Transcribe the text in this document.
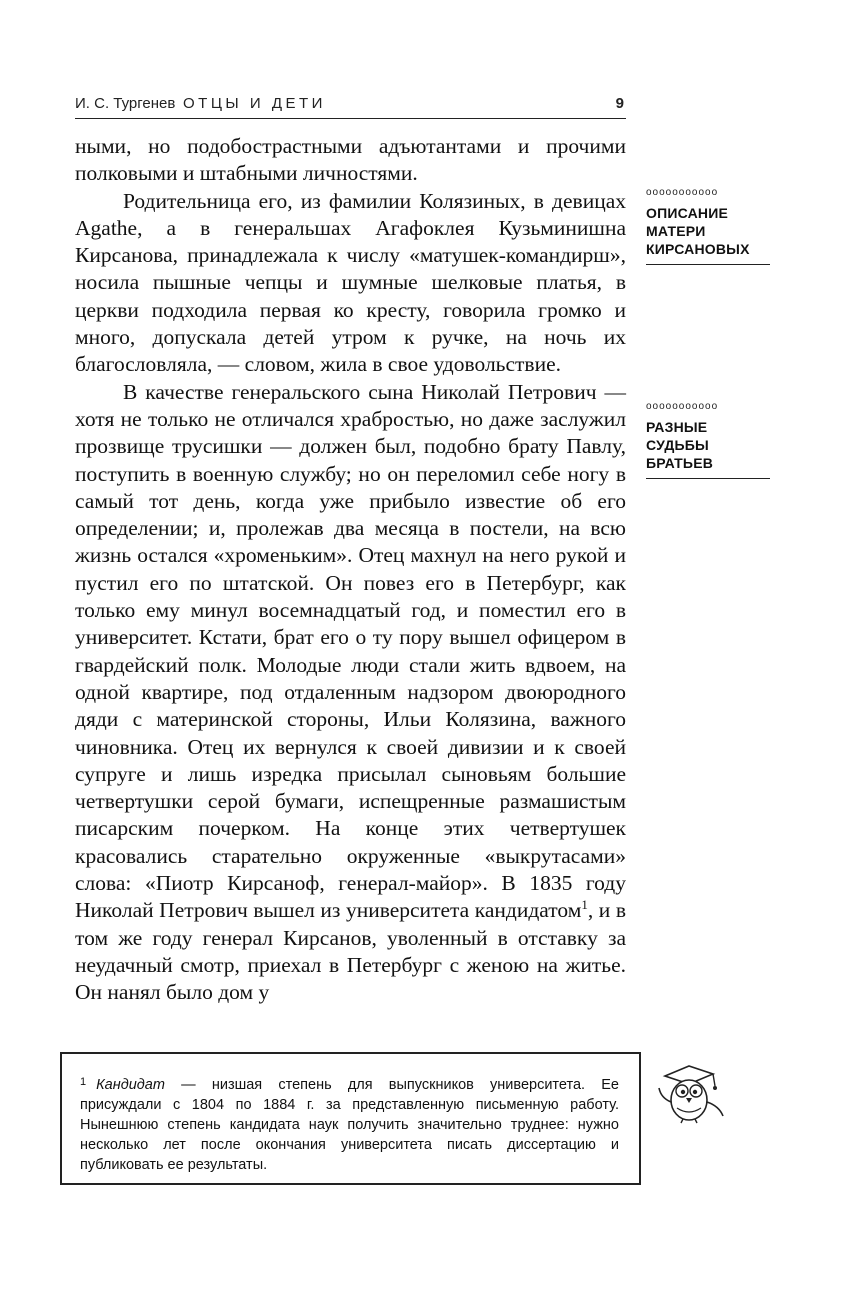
И. С. Тургенев ОТЦЫ И ДЕТИ	9

ными, но подобострастными адъютантами и прочими полковыми и штабными личностями.

Родительница его, из фамилии Колязиных, в девицах Agathe, а в генеральшах Агафоклея Кузьминишна Кирсанова, принадлежала к числу «матушек-командирш», носила пышные чепцы и шумные шелковые платья, в церкви подходила первая ко кресту, говорила громко и много, допускала детей утром к ручке, на ночь их благословляла, — словом, жила в свое удовольствие.

В качестве генеральского сына Николай Петрович — хотя не только не отличался храбростью, но даже заслужил прозвище трусишки — должен был, подобно брату Павлу, поступить в военную службу; но он переломил себе ногу в самый тот день, когда уже прибыло известие об его определении; и, пролежав два месяца в постели, на всю жизнь остался «хроменьким». Отец махнул на него рукой и пустил его по штатской. Он повез его в Петербург, как только ему минул восемнадцатый год, и поместил его в университет. Кстати, брат его о ту пору вышел офицером в гвардейский полк. Молодые люди стали жить вдвоем, на одной квартире, под отдаленным надзором двоюродного дяди с материнской стороны, Ильи Колязина, важного чиновника. Отец их вернулся к своей дивизии и к своей супруге и лишь изредка присылал сыновьям большие четвертушки серой бумаги, испещренные размашистым писарским почерком. На конце этих четвертушек красовались старательно окруженные «выкрутасами» слова: «Пиотр Кирсаноф, генерал-майор». В 1835 году Николай Петрович вышел из университета кандидатом$^1$, и в том же году генерал Кирсанов, уволенный в отставку за неудачный смотр, приехал в Петербург с женою на житье. Он нанял было дом у

ооооооооооо
ОПИСАНИЕ МАТЕРИ КИРСАНОВЫХ
ооооооооооо
РАЗНЫЕ СУДЬБЫ БРАТЬЕВ
$^1$ Кандидат — низшая степень для выпускников университета. Ее присуждали с 1804 по 1884 г. за представленную письменную работу. Нынешнюю степень кандидата наук получить значительно труднее: нужно несколько лет после окончания университета писать диссертацию и публиковать ее результаты.
